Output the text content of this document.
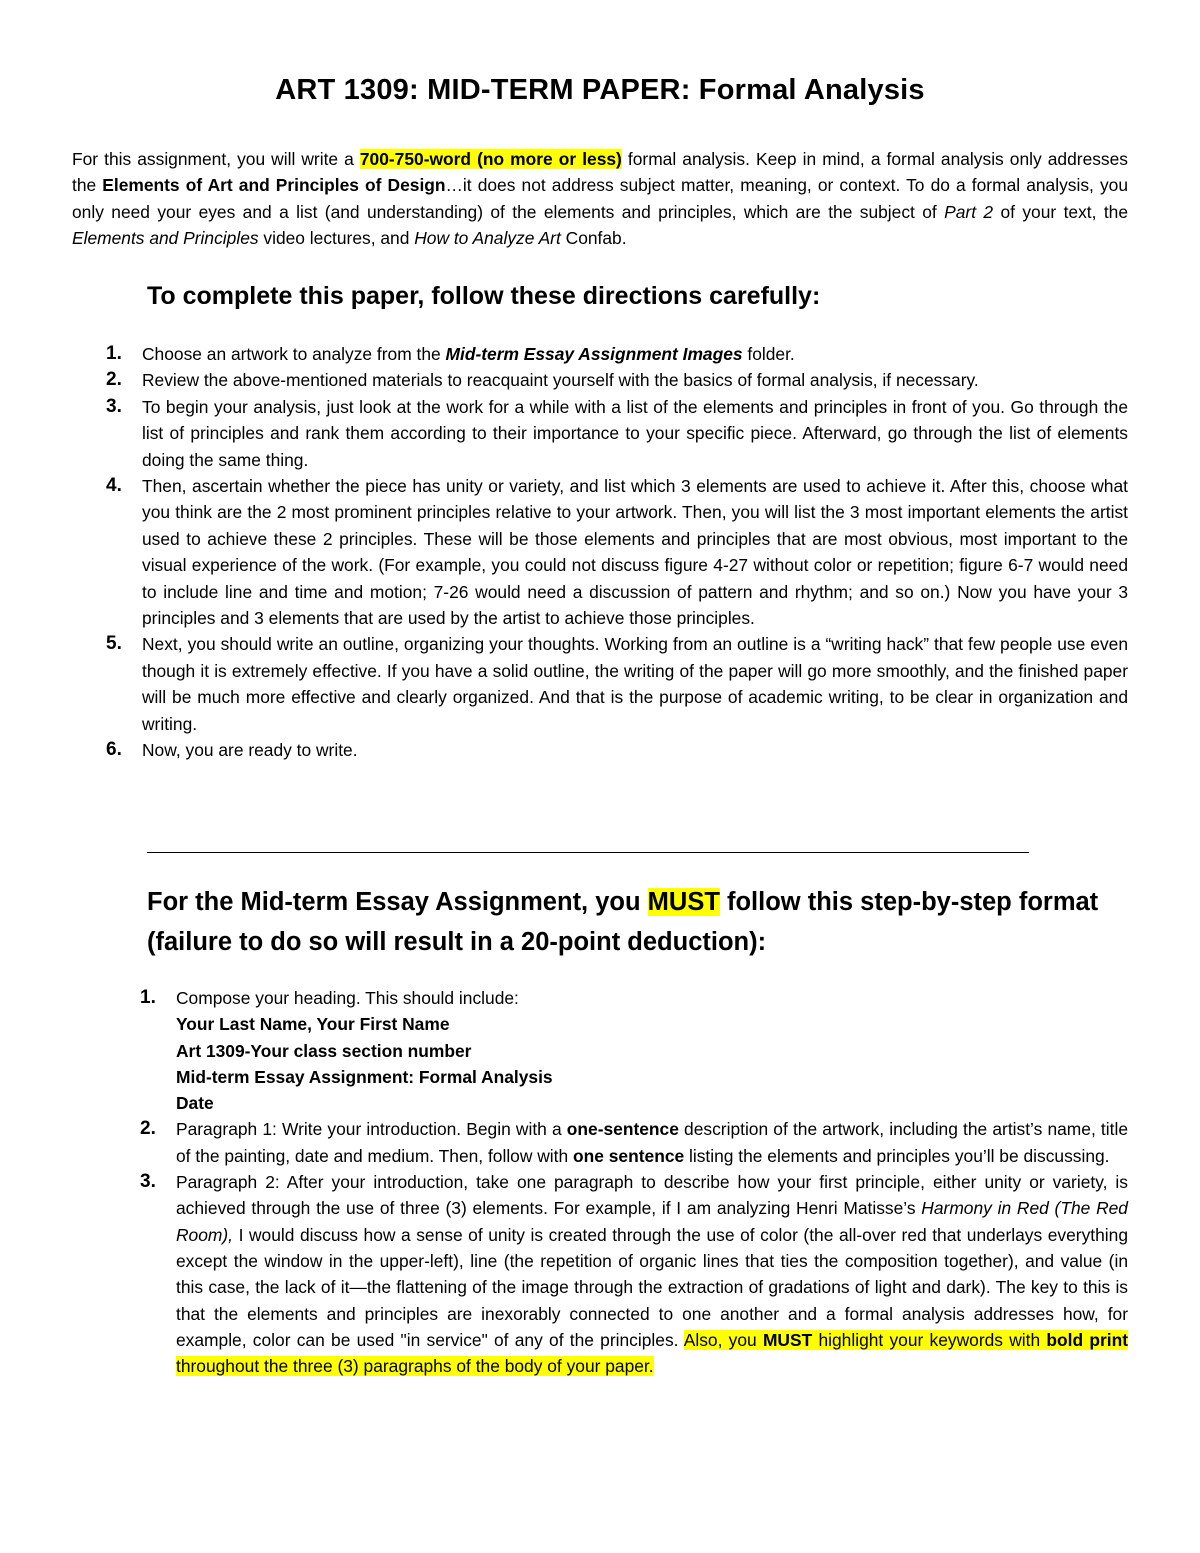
ART 1309: MID-TERM PAPER: Formal Analysis

For this assignment, you will write a 700-750-word (no more or less) formal analysis. Keep in mind, a formal analysis only addresses the Elements of Art and Principles of Design…it does not address subject matter, meaning, or context. To do a formal analysis, you only need your eyes and a list (and understanding) of the elements and principles, which are the subject of Part 2 of your text, the Elements and Principles video lectures, and How to Analyze Art Confab.

To complete this paper, follow these directions carefully:
1. Choose an artwork to analyze from the Mid-term Essay Assignment Images folder.
2. Review the above-mentioned materials to reacquaint yourself with the basics of formal analysis, if necessary.
3. To begin your analysis, just look at the work for a while with a list of the elements and principles in front of you. Go through the list of principles and rank them according to their importance to your specific piece. Afterward, go through the list of elements doing the same thing.
4. Then, ascertain whether the piece has unity or variety, and list which 3 elements are used to achieve it. After this, choose what you think are the 2 most prominent principles relative to your artwork. Then, you will list the 3 most important elements the artist used to achieve these 2 principles. These will be those elements and principles that are most obvious, most important to the visual experience of the work. (For example, you could not discuss figure 4-27 without color or repetition; figure 6-7 would need to include line and time and motion; 7-26 would need a discussion of pattern and rhythm; and so on.) Now you have your 3 principles and 3 elements that are used by the artist to achieve those principles.
5. Next, you should write an outline, organizing your thoughts. Working from an outline is a “writing hack” that few people use even though it is extremely effective. If you have a solid outline, the writing of the paper will go more smoothly, and the finished paper will be much more effective and clearly organized. And that is the purpose of academic writing, to be clear in organization and writing.
6. Now, you are ready to write.
For the Mid-term Essay Assignment, you MUST follow this step-by-step format (failure to do so will result in a 20-point deduction):
1. Compose your heading. This should include:
Your Last Name, Your First Name
Art 1309-Your class section number
Mid-term Essay Assignment: Formal Analysis
Date
2. Paragraph 1: Write your introduction. Begin with a one-sentence description of the artwork, including the artist’s name, title of the painting, date and medium. Then, follow with one sentence listing the elements and principles you’ll be discussing.
3. Paragraph 2: After your introduction, take one paragraph to describe how your first principle, either unity or variety, is achieved through the use of three (3) elements. For example, if I am analyzing Henri Matisse’s Harmony in Red (The Red Room), I would discuss how a sense of unity is created through the use of color (the all-over red that underlays everything except the window in the upper-left), line (the repetition of organic lines that ties the composition together), and value (in this case, the lack of it—the flattening of the image through the extraction of gradations of light and dark). The key to this is that the elements and principles are inexorably connected to one another and a formal analysis addresses how, for example, color can be used "in service" of any of the principles. Also, you MUST highlight your keywords with bold print throughout the three (3) paragraphs of the body of your paper.
